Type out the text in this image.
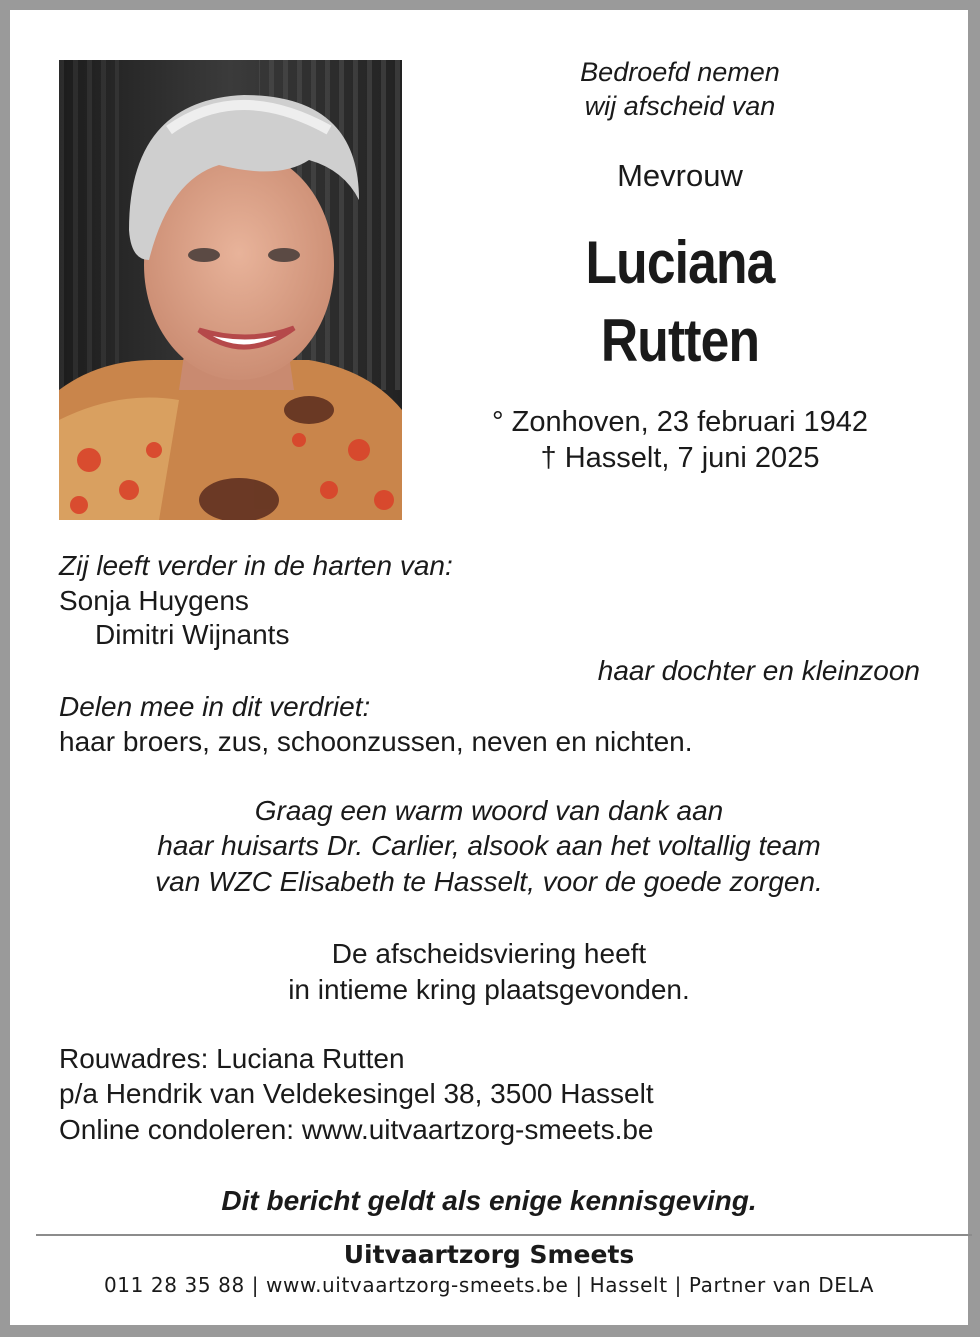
Bedroefd nemen
wij afscheid van
Mevrouw
Luciana
Rutten
° Zonhoven, 23 februari 1942
† Hasselt, 7 juni 2025
Zij leeft verder in de harten van:
Sonja Huygens
Dimitri Wijnants
haar dochter en kleinzoon
Delen mee in dit verdriet:
haar broers, zus, schoonzussen, neven en nichten.
Graag een warm woord van dank aan
haar huisarts Dr. Carlier, alsook aan het voltallig team
van WZC Elisabeth te Hasselt, voor de goede zorgen.
De afscheidsviering heeft
in intieme kring plaatsgevonden.
Rouwadres: Luciana Rutten
p/a Hendrik van Veldekesingel 38, 3500 Hasselt
Online condoleren: www.uitvaartzorg-smeets.be
Dit bericht geldt als enige kennisgeving.
Uitvaartzorg Smeets
011 28 35 88 | www.uitvaartzorg-smeets.be | Hasselt | Partner van DELA
